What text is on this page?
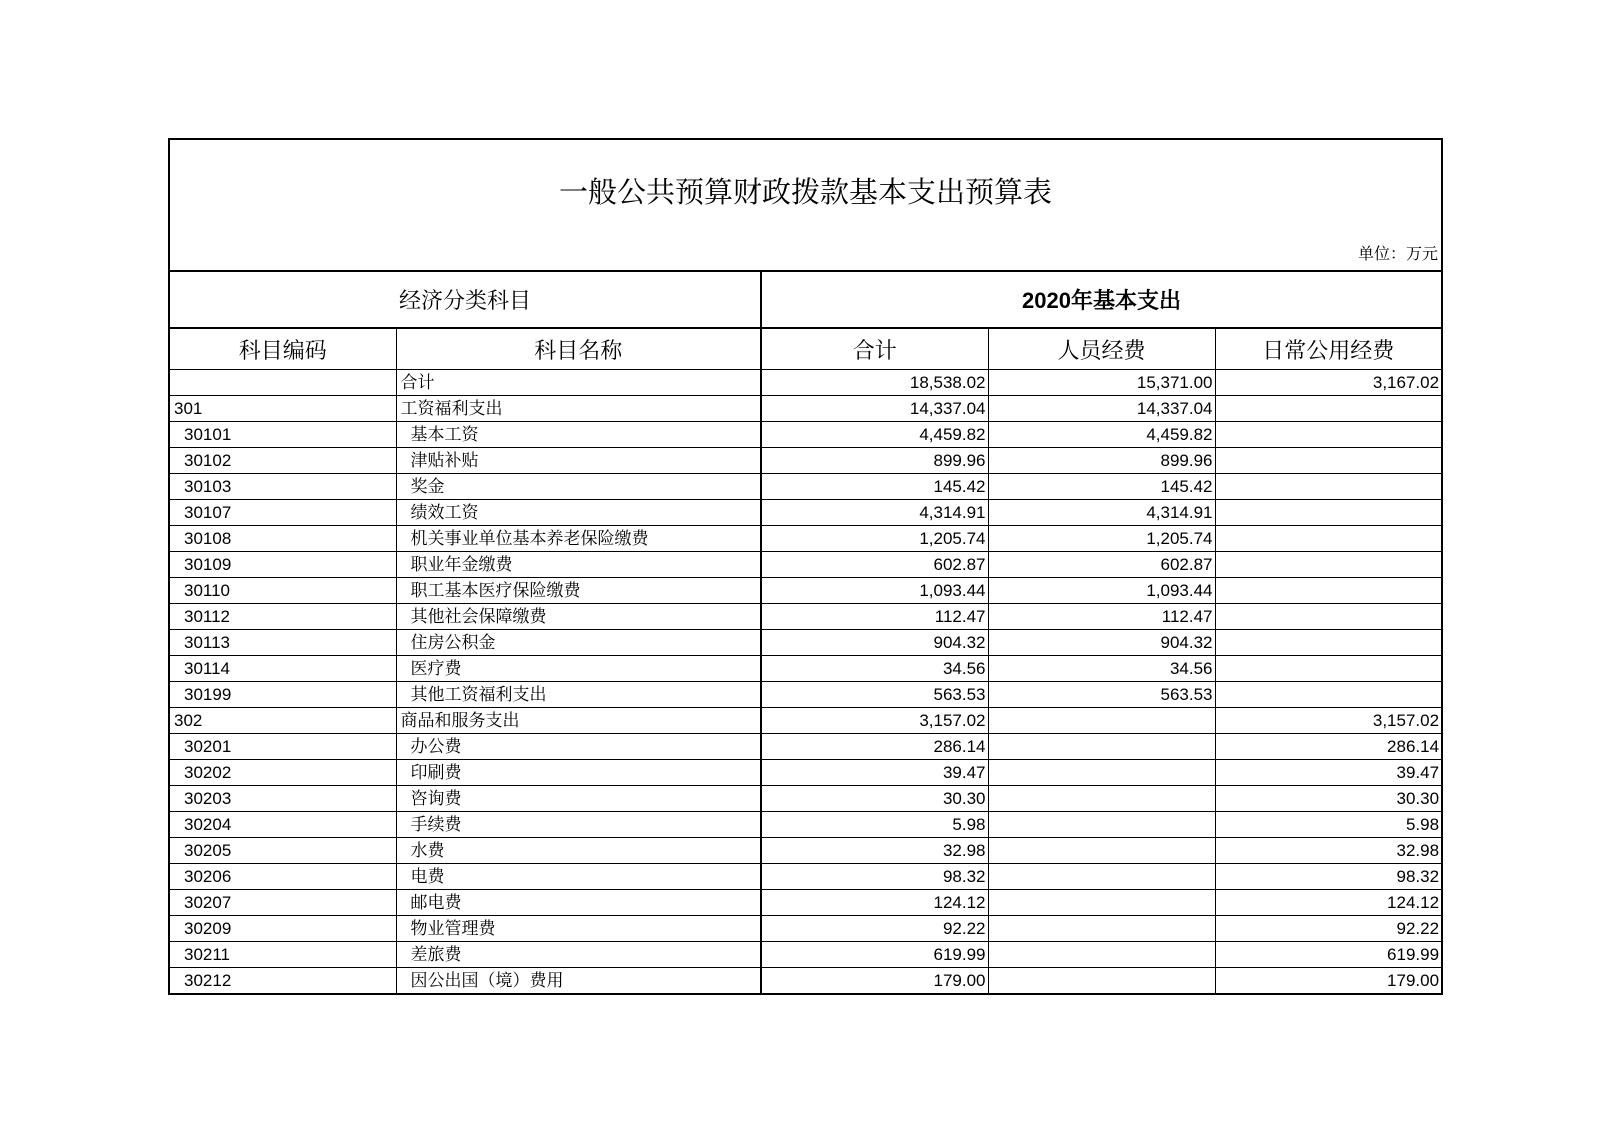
一般公共预算财政拨款基本支出预算表
单位：万元				

经济分类科目		2020年基本支出		
科目编码	科目名称	合计	人员经费	日常公用经费
	合计	18,538.02	15,371.00	3,167.02
301	工资福利支出	14,337.04	14,337.04	
30101	基本工资	4,459.82	4,459.82	
30102	津贴补贴	899.96	899.96	
30103	奖金	145.42	145.42	
30107	绩效工资	4,314.91	4,314.91	
30108	机关事业单位基本养老保险缴费	1,205.74	1,205.74	
30109	职业年金缴费	602.87	602.87	
30110	职工基本医疗保险缴费	1,093.44	1,093.44	
30112	其他社会保障缴费	112.47	112.47	
30113	住房公积金	904.32	904.32	
30114	医疗费	34.56	34.56	
30199	其他工资福利支出	563.53	563.53	
302	商品和服务支出	3,157.02		3,157.02
30201	办公费	286.14		286.14
30202	印刷费	39.47		39.47
30203	咨询费	30.30		30.30
30204	手续费	5.98		5.98
30205	水费	32.98		32.98
30206	电费	98.32		98.32
30207	邮电费	124.12		124.12
30209	物业管理费	92.22		92.22
30211	差旅费	619.99		619.99
30212	因公出国（境）费用	179.00		179.00
